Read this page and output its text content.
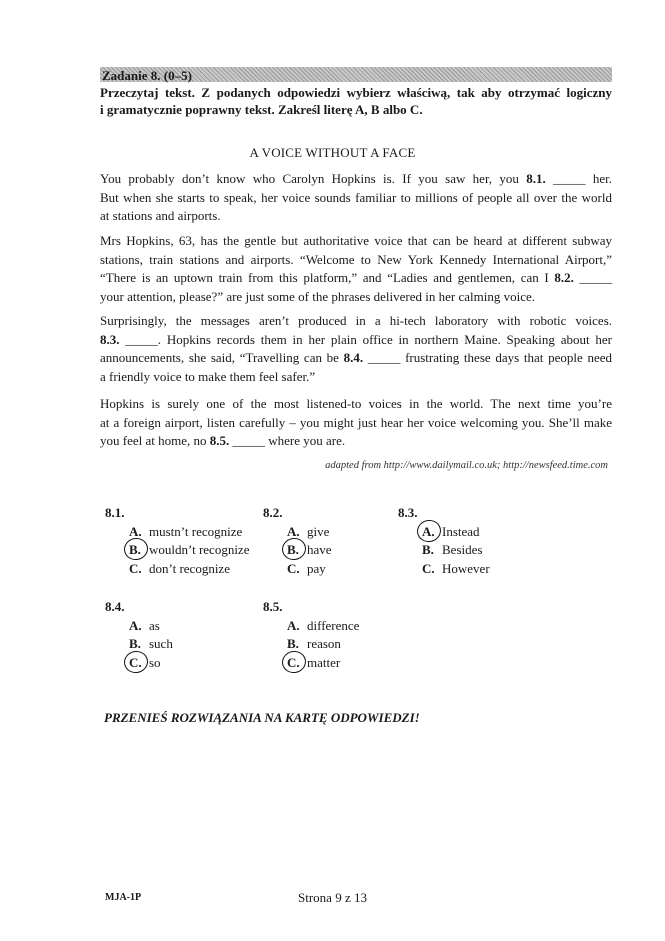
Zadanie 8. (0–5)
Przeczytaj tekst. Z podanych odpowiedzi wybierz właściwą, tak aby otrzymać logiczny
i gramatycznie poprawny tekst. Zakreśl literę A, B albo C.
A VOICE WITHOUT A FACE
You probably don’t know who Carolyn Hopkins is. If you saw her, you 8.1. _____ her.
But when she starts to speak, her voice sounds familiar to millions of people all over the world
at stations and airports.
Mrs Hopkins, 63, has the gentle but authoritative voice that can be heard at different subway
stations, train stations and airports. “Welcome to New York Kennedy International Airport,”
“There is an uptown train from this platform,” and “Ladies and gentlemen, can I 8.2. _____
your attention, please?” are just some of the phrases delivered in her calming voice.
Surprisingly, the messages aren’t produced in a hi-tech laboratory with robotic voices.
8.3. _____. Hopkins records them in her plain office in northern Maine. Speaking about her
announcements, she said, “Travelling can be 8.4. _____ frustrating these days that people need
a friendly voice to make them feel safer.”
Hopkins is surely one of the most listened-to voices in the world. The next time you’re
at a foreign airport, listen carefully – you might just hear her voice welcoming you. She’ll make
you feel at home, no 8.5. _____ where you are.
adapted from http://www.dailymail.co.uk; http://newsfeed.time.com
8.1.
A. mustn’t recognize
B. wouldn’t recognize
C. don’t recognize
8.2.
A. give
B. have
C. pay
8.3.
A. Instead
B. Besides
C. However
8.4.
A. as
B. such
C. so
8.5.
A. difference
B. reason
C. matter
PRZENIEŚ ROZWIĄZANIA NA KARTĘ ODPOWIEDZI!
MJA-1P	Strona 9 z 13
